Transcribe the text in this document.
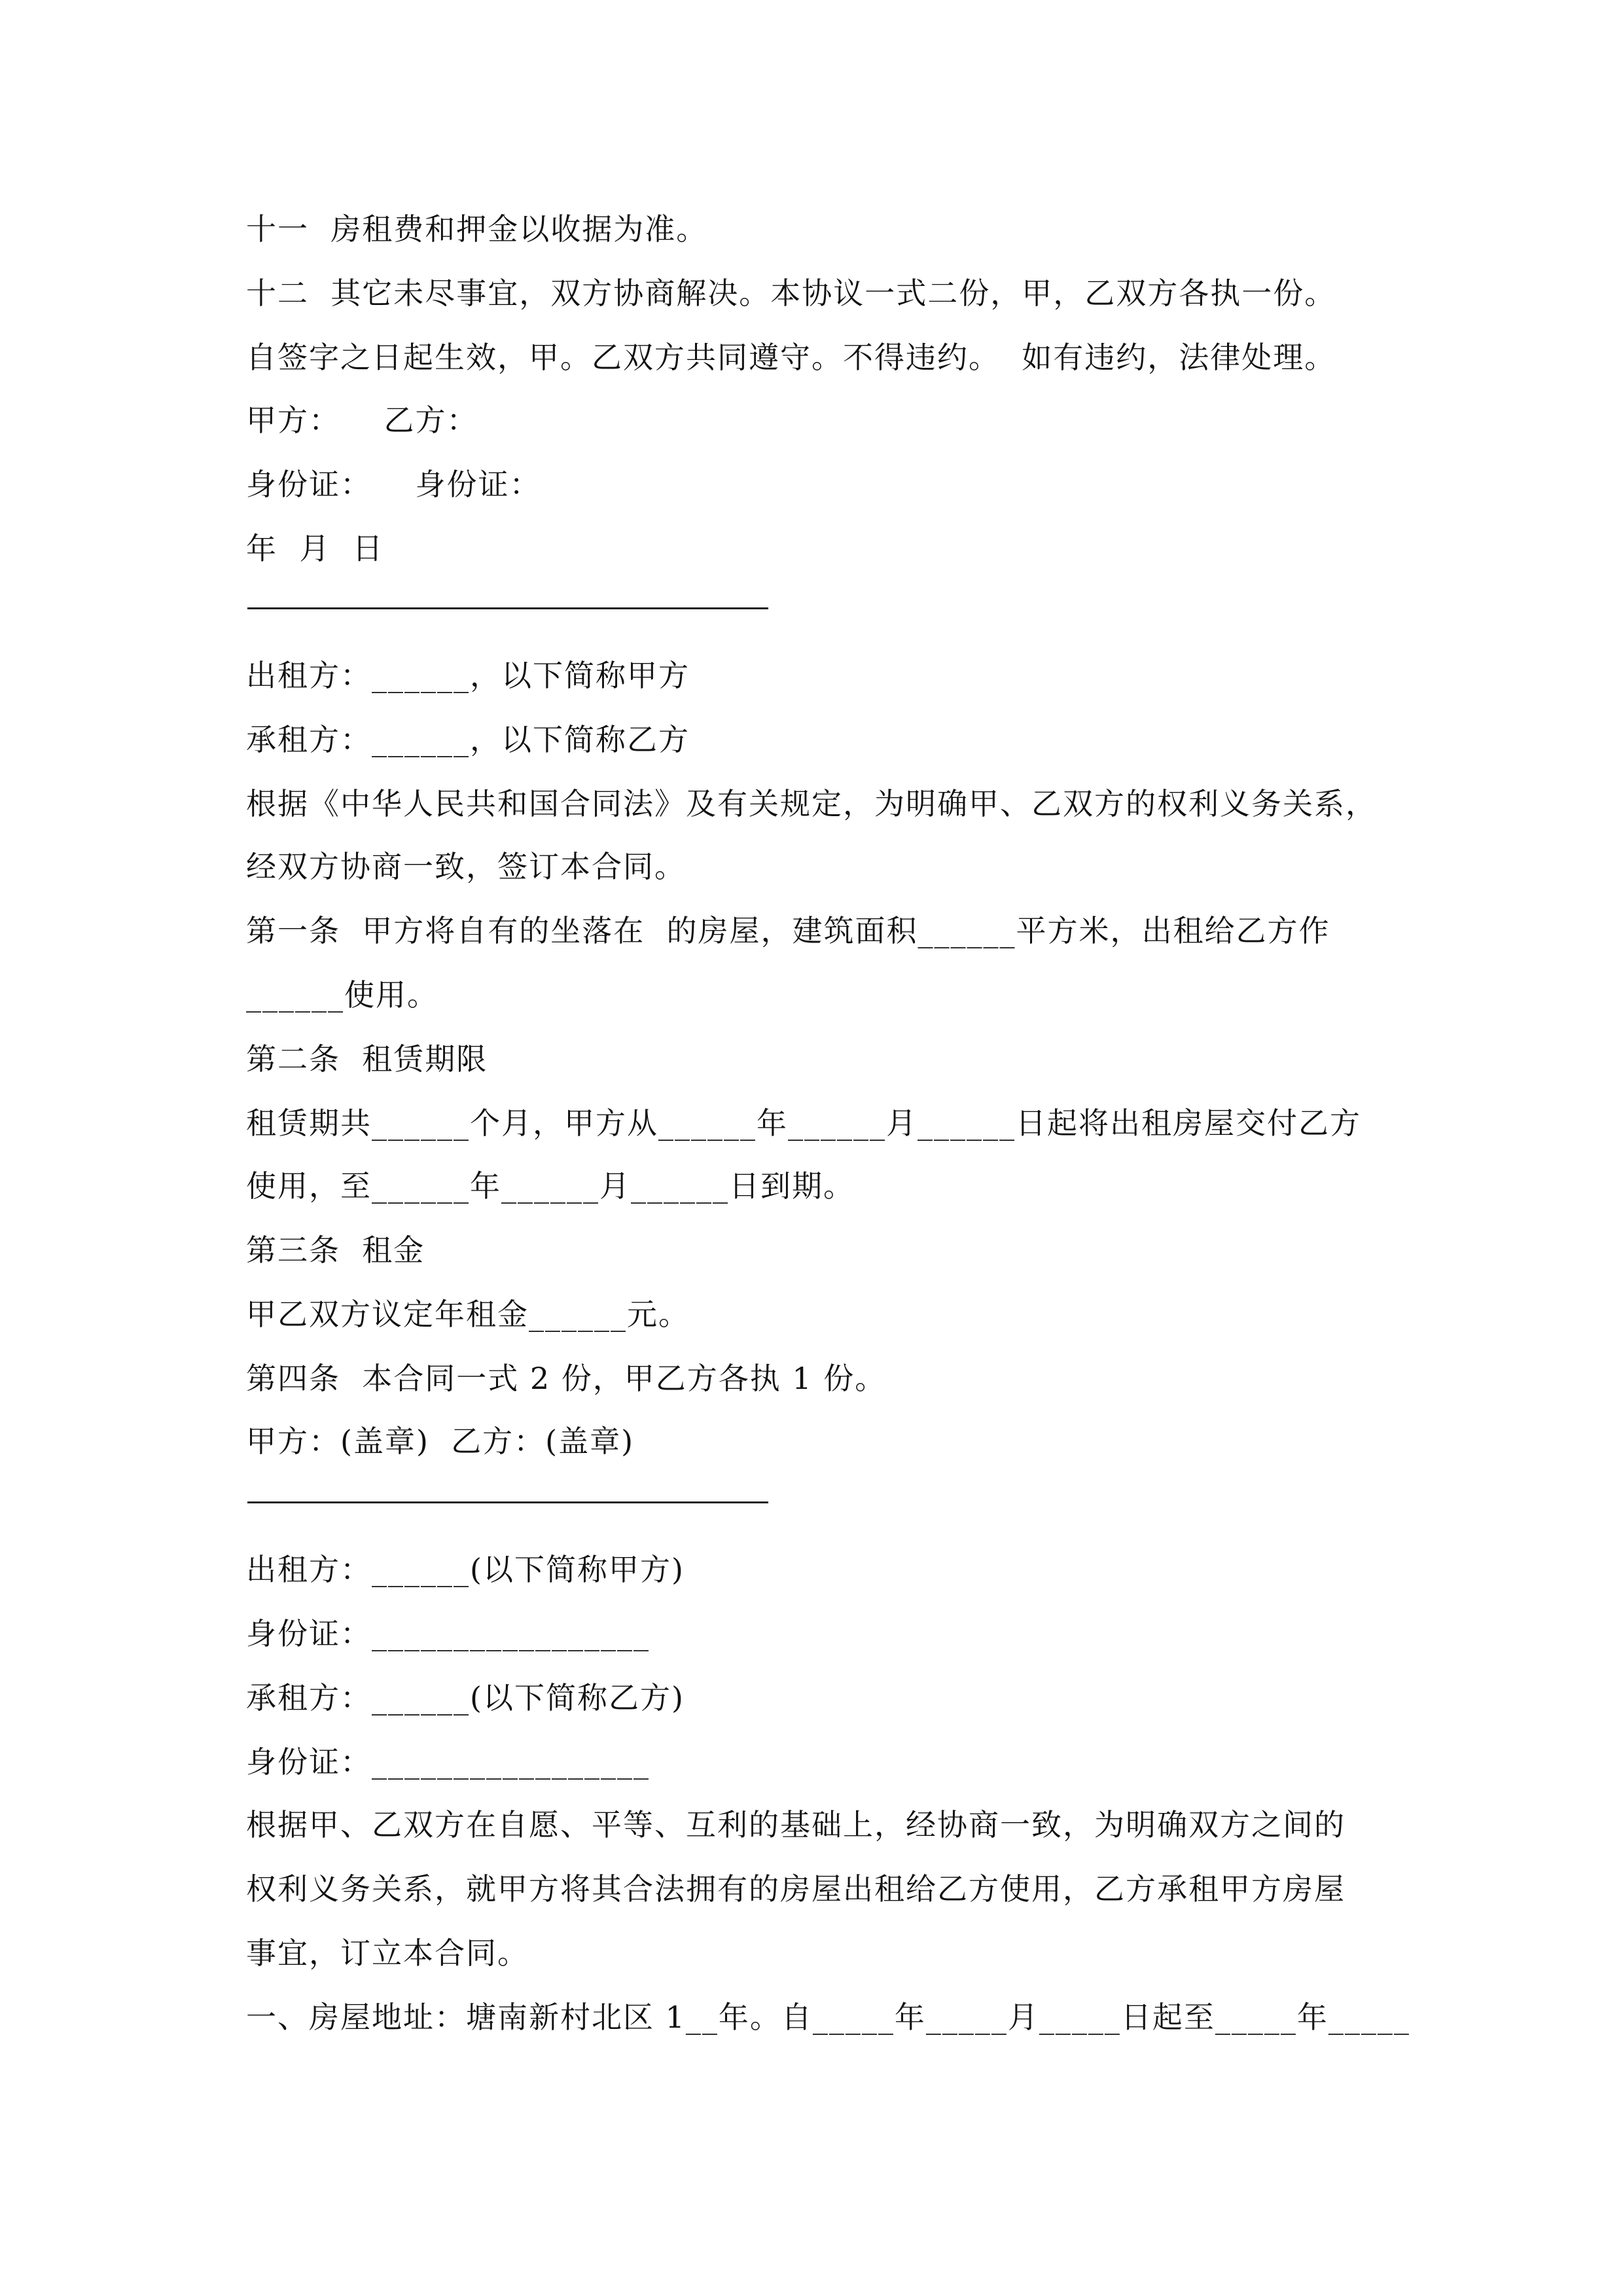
十一  房租费和押金以收据为准。
十二  其它未尽事宜，双方协商解决。本协议一式二份，甲，乙双方各执一份。
自签字之日起生效，甲。乙双方共同遵守。不得违约。  如有违约，法律处理。
甲方：    乙方：
身份证：    身份证：
年  月  日
出租方：______，以下简称甲方
承租方：______，以下简称乙方
根据《中华人民共和国合同法》及有关规定，为明确甲、乙双方的权利义务关系，
经双方协商一致，签订本合同。
第一条  甲方将自有的坐落在  的房屋，建筑面积______平方米，出租给乙方作
______使用。
第二条  租赁期限
租赁期共______个月，甲方从______年______月______日起将出租房屋交付乙方
使用，至______年______月______日到期。
第三条  租金
甲乙双方议定年租金______元。
第四条  本合同一式 2 份，甲乙方各执 1 份。
甲方：(盖章)  乙方：(盖章)
出租方：______(以下简称甲方)
身份证：_________________
承租方：______(以下简称乙方)
身份证：_________________
根据甲、乙双方在自愿、平等、互利的基础上，经协商一致，为明确双方之间的
权利义务关系，就甲方将其合法拥有的房屋出租给乙方使用，乙方承租甲方房屋
事宜，订立本合同。
一、房屋地址：塘南新村北区 1__年。自_____年_____月_____日起至_____年_____
